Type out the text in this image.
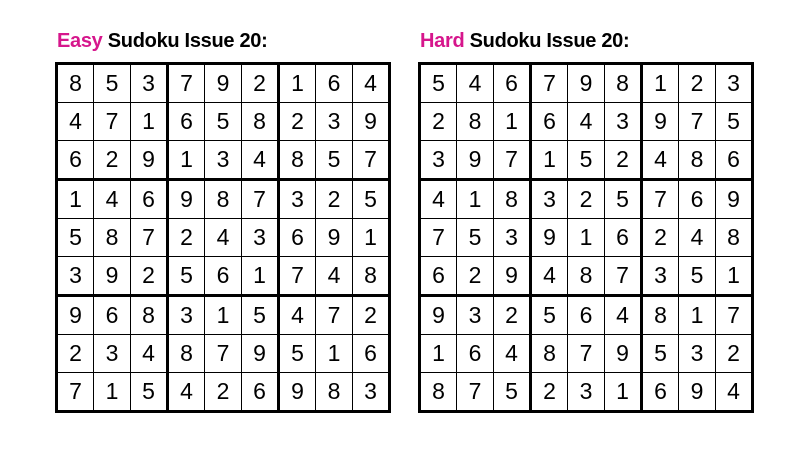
Easy Sudoku Issue 20:
8	5	3	7	9	2	1	6	4
4	7	1	6	5	8	2	3	9
6	2	9	1	3	4	8	5	7
1	4	6	9	8	7	3	2	5
5	8	7	2	4	3	6	9	1
3	9	2	5	6	1	7	4	8
9	6	8	3	1	5	4	7	2
2	3	4	8	7	9	5	1	6
7	1	5	4	2	6	9	8	3
Hard Sudoku Issue 20:
5	4	6	7	9	8	1	2	3
2	8	1	6	4	3	9	7	5
3	9	7	1	5	2	4	8	6
4	1	8	3	2	5	7	6	9
7	5	3	9	1	6	2	4	8
6	2	9	4	8	7	3	5	1
9	3	2	5	6	4	8	1	7
1	6	4	8	7	9	5	3	2
8	7	5	2	3	1	6	9	4
